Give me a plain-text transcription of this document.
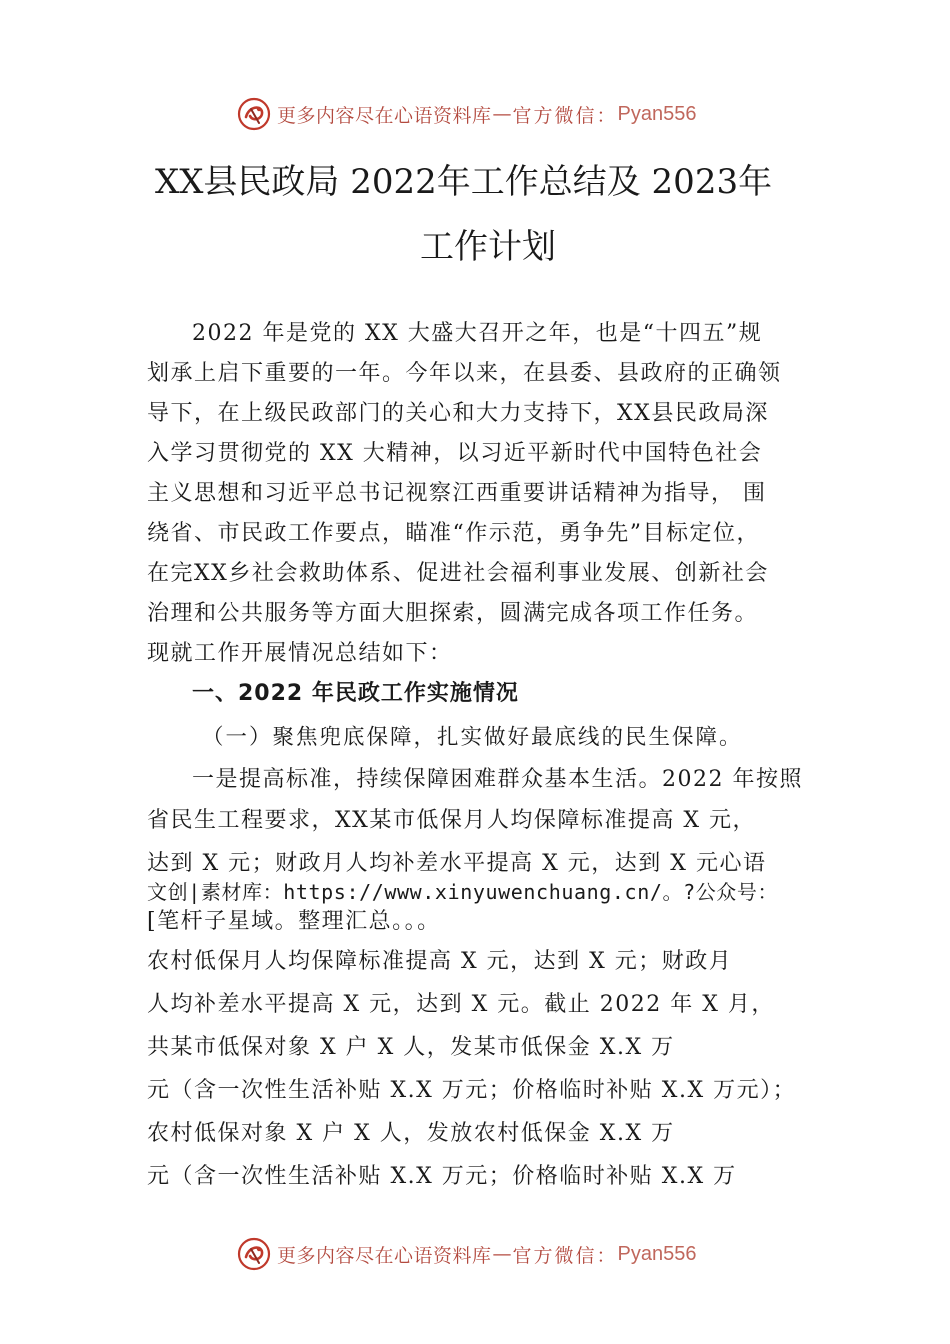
更多内容尽在心语资料库 — 官方微信： Pyan556
XX县民政局 2022年工作总结及 2023年
工作计划
2022 年是党的 XX 大盛大召开之年，也是“十四五”规
划承上启下重要的一年。今年以来，在县委、县政府的正确领
导下，在上级民政部门的关心和大力支持下，XX县民政局深
入学习贯彻党的 XX 大精神，以习近平新时代中国特色社会
主义思想和习近平总书记视察江西重要讲话精神为指导， 围
绕省、市民政工作要点，瞄准“作示范，勇争先”目标定位，
在完XX乡社会救助体系、促进社会福利事业发展、创新社会
治理和公共服务等方面大胆探索，圆满完成各项工作任务。
现就工作开展情况总结如下：
一、2022 年民政工作实施情况
（一）聚焦兜底保障，扎实做好最底线的民生保障。
一是提高标准，持续保障困难群众基本生活。2022 年按照
省民生工程要求，XX某市低保月人均保障标准提高 X 元，
达到 X 元；财政月人均补差水平提高 X 元，达到 X 元心语
文创|素材库：https://www.xinyuwenchuang.cn/。?公众号：
[笔杆子星域。整理汇总。。。
农村低保月人均保障标准提高 X 元，达到 X 元；财政月
人均补差水平提高 X 元，达到 X 元。截止 2022 年 X 月，
共某市低保对象 X 户 X 人，发某市低保金 X.X 万
元（含一次性生活补贴 X.X 万元；价格临时补贴 X.X 万元）；
农村低保对象 X 户 X 人，发放农村低保金 X.X 万
元（含一次性生活补贴 X.X 万元；价格临时补贴 X.X 万
更多内容尽在心语资料库 — 官方微信： Pyan556
